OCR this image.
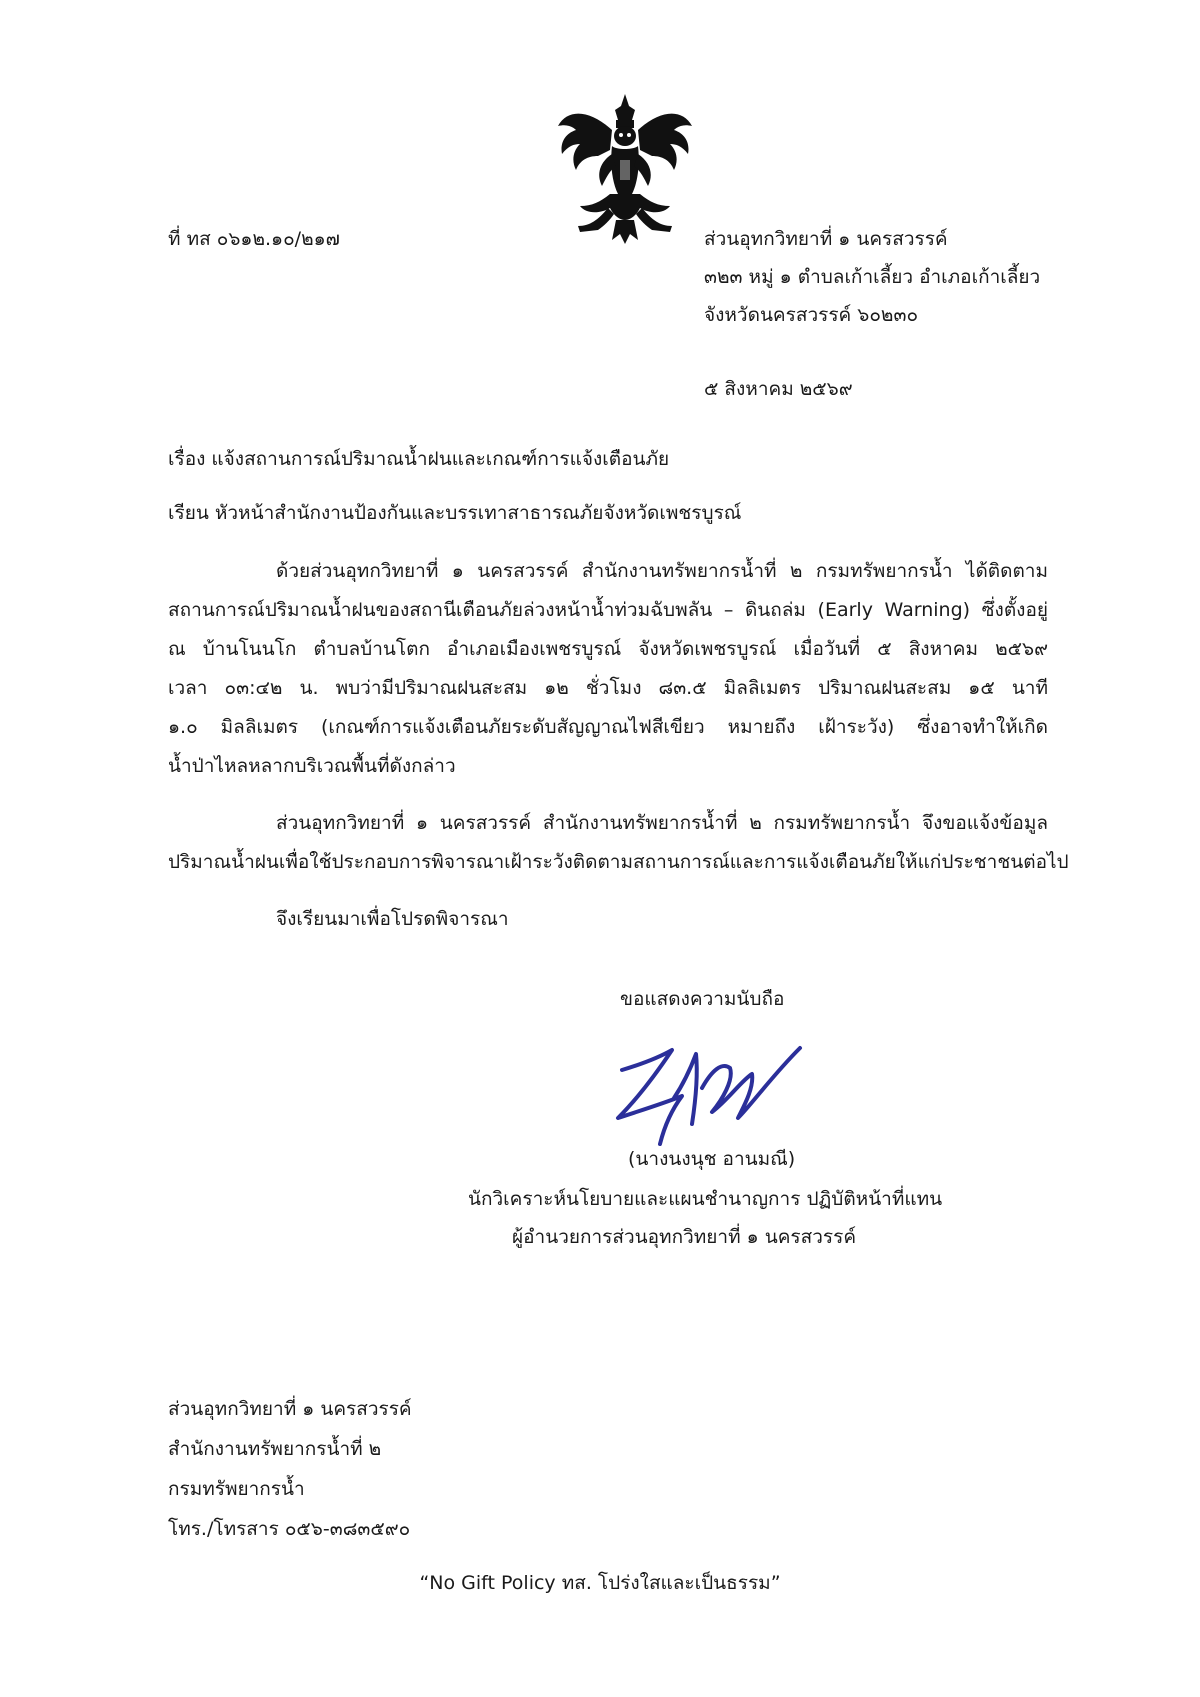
ที่ ทส ๐๖๑๒.๑๐/๒๑๗	ส่วนอุทกวิทยาที่ ๑ นครสวรรค์
๓๒๓ หมู่ ๑ ตำบลเก้าเลี้ยว อำเภอเก้าเลี้ยว
จังหวัดนครสวรรค์ ๖๐๒๓๐
๕ สิงหาคม ๒๕๖๙
เรื่อง แจ้งสถานการณ์ปริมาณน้ำฝนและเกณฑ์การแจ้งเตือนภัย
เรียน หัวหน้าสำนักงานป้องกันและบรรเทาสาธารณภัยจังหวัดเพชรบูรณ์
ด้วยส่วนอุทกวิทยาที่ ๑ นครสวรรค์ สำนักงานทรัพยากรน้ำที่ ๒ กรมทรัพยากรน้ำ ได้ติดตาม
สถานการณ์ปริมาณน้ำฝนของสถานีเตือนภัยล่วงหน้าน้ำท่วมฉับพลัน – ดินถล่ม (Early Warning) ซึ่งตั้งอยู่
ณ บ้านโนนโก ตำบลบ้านโตก อำเภอเมืองเพชรบูรณ์ จังหวัดเพชรบูรณ์ เมื่อวันที่ ๕ สิงหาคม ๒๕๖๙
เวลา ๐๓:๔๒ น. พบว่ามีปริมาณฝนสะสม ๑๒ ชั่วโมง ๘๓.๕ มิลลิเมตร ปริมาณฝนสะสม ๑๕ นาที
๑.๐ มิลลิเมตร (เกณฑ์การแจ้งเตือนภัยระดับสัญญาณไฟสีเขียว หมายถึง เฝ้าระวัง) ซึ่งอาจทำให้เกิด
น้ำป่าไหลหลากบริเวณพื้นที่ดังกล่าว
ส่วนอุทกวิทยาที่ ๑ นครสวรรค์ สำนักงานทรัพยากรน้ำที่ ๒ กรมทรัพยากรน้ำ จึงขอแจ้งข้อมูล
ปริมาณน้ำฝนเพื่อใช้ประกอบการพิจารณาเฝ้าระวังติดตามสถานการณ์และการแจ้งเตือนภัยให้แก่ประชาชนต่อไป
จึงเรียนมาเพื่อโปรดพิจารณา
ขอแสดงความนับถือ
(นางนงนุช อานมณี)
นักวิเคราะห์นโยบายและแผนชำนาญการ ปฏิบัติหน้าที่แทน
ผู้อำนวยการส่วนอุทกวิทยาที่ ๑ นครสวรรค์
ส่วนอุทกวิทยาที่ ๑ นครสวรรค์
สำนักงานทรัพยากรน้ำที่ ๒
กรมทรัพยากรน้ำ
โทร./โทรสาร ๐๕๖-๓๘๓๕๙๐
“No Gift Policy ทส. โปร่งใสและเป็นธรรม”
